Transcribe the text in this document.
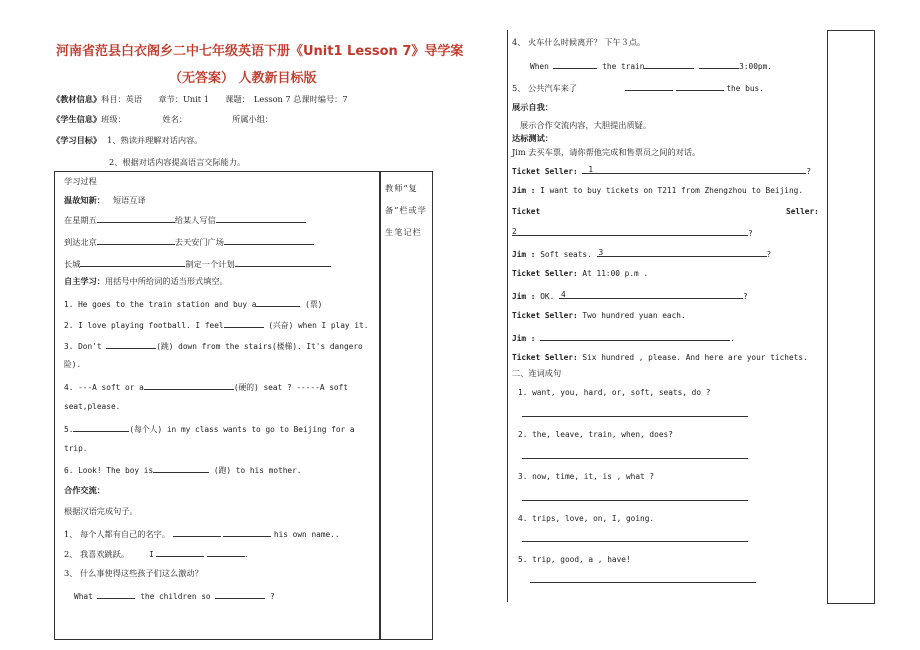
河南省范县白衣阁乡二中七年级英语下册《Unit1 Lesson 7》导学案
（无答案） 人教新目标版
《教材信息》科目：英语　　章节：Unit 1　　课题：　Lesson 7 总课时编号：7
《学生信息》班级：　　　　　姓名：　　　　　　所属小组：
《学习目标》 1、熟读并理解对话内容。
2、根据对话内容提高语言交际能力。
教师“复备”栏或学生笔记栏
学习过程
温故知新： 短语互译
在星期五	给某人写信
到达北京	去天安门广场
长城	制定一个计划
自主学习：用括号中所给词的适当形式填空。
1. He goes to the train station and buy a	(票)
2. I love playing football. I feel	(兴奋) when I play it.
3. Don't	(跳) down from the stairs(楼梯). It's dangero
险).
4. ---A soft or a	(硬的) seat ? -----A soft
seat,please.
5.	(每个人) in my class wants to go to Beijing for a
trip.
6. Look! The boy is	(跑) to his mother.
合作交流：
根据汉语完成句子。
1、 每个人都有自己的名字。	his own name..
2、 我喜欢跳跃。	I	.
3、 什么事使得这些孩子们这么激动？
What	the children so	?
4、 火车什么时候离开？ 下午３点。
When	the train	3:00pm.
5、 公共汽车来了	the bus.
展示自我：
展示合作交流内容，大胆提出质疑。
达标测试：
Jim 去买车票，请你帮他完成和售票员之间的对话。
Ticket Seller: 1	?
Jim : I want to buy tickets on T211 from Zhengzhou to Beijing.
Ticket	Seller:
2	?
Jim : Soft seats. 3	?
Ticket Seller: At 11:00 p.m .
Jim : OK. 4	?
Ticket Seller: Two hundred yuan each.
Jim :	.
Ticket Seller: Six hundred , please. And here are your tichets.
二、连词成句
1. want, you, hard, or, soft, seats, do ?
2. the, leave, train, when, does?
3. now, time, it, is , what ?
4. trips, love, on, I, going.
5. trip, good, a , have!
